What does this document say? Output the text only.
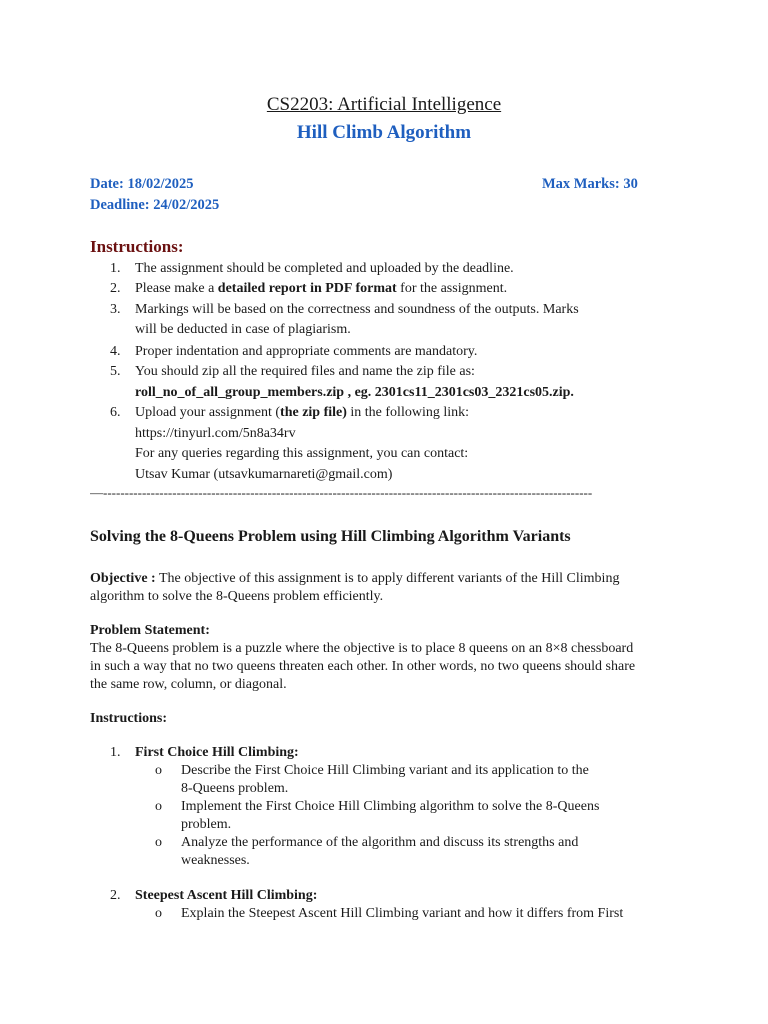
CS2203: Artificial Intelligence
Hill Climb Algorithm
Date: 18/02/2025	Max Marks: 30
Deadline: 24/02/2025
Instructions:
1. The assignment should be completed and uploaded by the deadline.
2. Please make a detailed report in PDF format for the assignment.
3. Markings will be based on the correctness and soundness of the outputs. Marks
will be deducted in case of plagiarism.
4. Proper indentation and appropriate comments are mandatory.
5. You should zip all the required files and name the zip file as:
roll_no_of_all_group_members.zip , eg. 2301cs11_2301cs03_2321cs05.zip.
6. Upload your assignment (the zip file) in the following link:
https://tinyurl.com/5n8a34rv
For any queries regarding this assignment, you can contact:
Utsav Kumar (utsavkumarnareti@gmail.com)
—-----------------------------------------------------------------------------------------------------------------
Solving the 8-Queens Problem using Hill Climbing Algorithm Variants
Objective : The objective of this assignment is to apply different variants of the Hill Climbing
algorithm to solve the 8-Queens problem efficiently.
Problem Statement:
The 8-Queens problem is a puzzle where the objective is to place 8 queens on an 8×8 chessboard
in such a way that no two queens threaten each other. In other words, no two queens should share
the same row, column, or diagonal.
Instructions:
1. First Choice Hill Climbing:
o Describe the First Choice Hill Climbing variant and its application to the
8-Queens problem.
o Implement the First Choice Hill Climbing algorithm to solve the 8-Queens
problem.
o Analyze the performance of the algorithm and discuss its strengths and
weaknesses.
2. Steepest Ascent Hill Climbing:
o Explain the Steepest Ascent Hill Climbing variant and how it differs from First
